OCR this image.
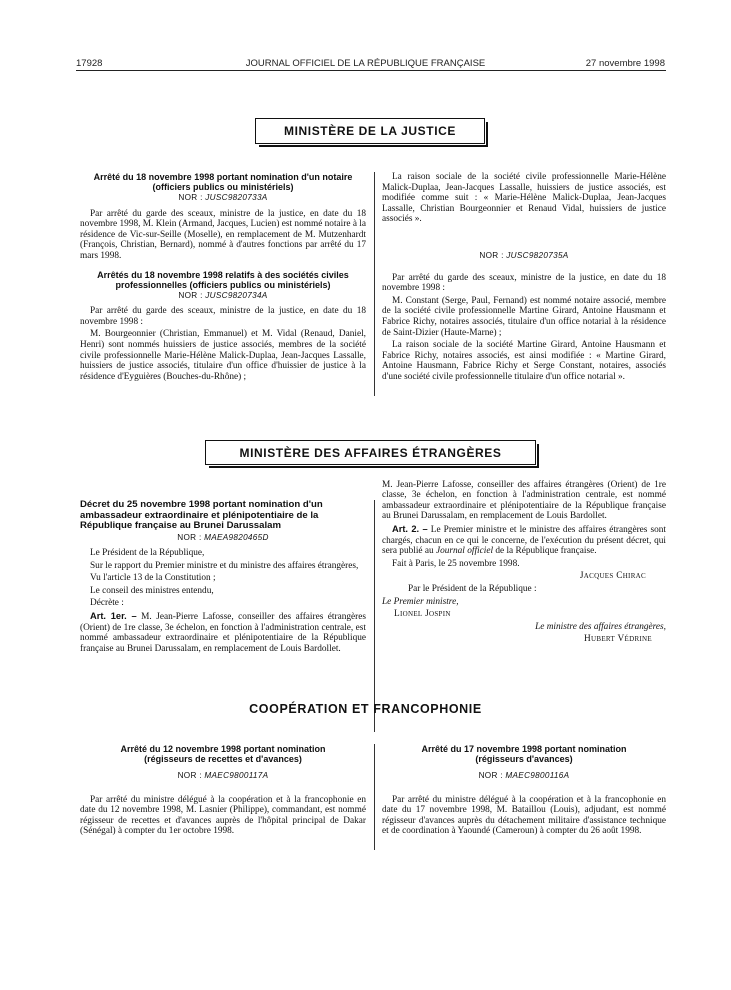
17928	JOURNAL OFFICIEL DE LA RÉPUBLIQUE FRANÇAISE	27 novembre 1998
MINISTÈRE DE LA JUSTICE

Arrêté du 18 novembre 1998 portant nomination d'un notaire (officiers publics ou ministériels)

NOR : JUSC9820733A

Par arrêté du garde des sceaux, ministre de la justice, en date du 18 novembre 1998, M. Klein (Armand, Jacques, Lucien) est nommé notaire à la résidence de Vic-sur-Seille (Moselle), en remplacement de M. Mutzenhardt (François, Christian, Bernard), nommé à d'autres fonctions par arrêté du 17 mars 1998.

Arrêtés du 18 novembre 1998 relatifs à des sociétés civiles professionnelles (officiers publics ou ministériels)

NOR : JUSC9820734A

Par arrêté du garde des sceaux, ministre de la justice, en date du 18 novembre 1998 :

M. Bourgeonnier (Christian, Emmanuel) et M. Vidal (Renaud, Daniel, Henri) sont nommés huissiers de justice associés, membres de la société civile professionnelle Marie-Hélène Malick-Duplaa, Jean-Jacques Lassalle, huissiers de justice associés, titulaire d'un office d'huissier de justice à la résidence d'Eyguières (Bouches-du-Rhône) ;

La raison sociale de la société civile professionnelle Marie-Hélène Malick-Duplaa, Jean-Jacques Lassalle, huissiers de justice associés, est modifiée comme suit : « Marie-Hélène Malick-Duplaa, Jean-Jacques Lassalle, Christian Bourgeonnier et Renaud Vidal, huissiers de justice associés ».

NOR : JUSC9820735A

Par arrêté du garde des sceaux, ministre de la justice, en date du 18 novembre 1998 :

M. Constant (Serge, Paul, Fernand) est nommé notaire associé, membre de la société civile professionnelle Martine Girard, Antoine Hausmann et Fabrice Richy, notaires associés, titulaire d'un office notarial à la résidence de Saint-Dizier (Haute-Marne) ;

La raison sociale de la société Martine Girard, Antoine Hausmann et Fabrice Richy, notaires associés, est ainsi modifiée : « Martine Girard, Antoine Hausmann, Fabrice Richy et Serge Constant, notaires, associés d'une société civile professionnelle titulaire d'un office notarial ».

MINISTÈRE DES AFFAIRES ÉTRANGÈRES

Décret du 25 novembre 1998 portant nomination d'un ambassadeur extraordinaire et plénipotentiaire de la République française au Brunei Darussalam

NOR : MAEA9820465D

Le Président de la République,

Sur le rapport du Premier ministre et du ministre des affaires étrangères,

Vu l'article 13 de la Constitution ;

Le conseil des ministres entendu,

Décrète :

Art. 1er. – M. Jean-Pierre Lafosse, conseiller des affaires étrangères (Orient) de 1re classe, 3e échelon, en fonction à l'administration centrale, est nommé ambassadeur extraordinaire et plénipotentiaire de la République française au Brunei Darussalam, en remplacement de Louis Bardollet.

M. Jean-Pierre Lafosse, conseiller des affaires étrangères (Orient) de 1re classe, 3e échelon, en fonction à l'administration centrale, est nommé ambassadeur extraordinaire et plénipotentiaire de la République française au Brunei Darussalam, en remplacement de Louis Bardollet.

Art. 2. – Le Premier ministre et le ministre des affaires étrangères sont chargés, chacun en ce qui le concerne, de l'exécution du présent décret, qui sera publié au Journal officiel de la République française.

Fait à Paris, le 25 novembre 1998.

Jacques Chirac

Par le Président de la République :

Le Premier ministre,

Lionel Jospin

Le ministre des affaires étrangères,

Hubert Védrine

COOPÉRATION ET FRANCOPHONIE

Arrêté du 12 novembre 1998 portant nomination (régisseurs de recettes et d'avances)

NOR : MAEC9800117A

Par arrêté du ministre délégué à la coopération et à la francophonie en date du 12 novembre 1998, M. Lasnier (Philippe), commandant, est nommé régisseur de recettes et d'avances auprès de l'hôpital principal de Dakar (Sénégal) à compter du 1er octobre 1998.

Arrêté du 17 novembre 1998 portant nomination (régisseurs d'avances)

NOR : MAEC9800116A

Par arrêté du ministre délégué à la coopération et à la francophonie en date du 17 novembre 1998, M. Bataillou (Louis), adjudant, est nommé régisseur d'avances auprès du détachement militaire d'assistance technique et de coordination à Yaoundé (Cameroun) à compter du 26 août 1998.
